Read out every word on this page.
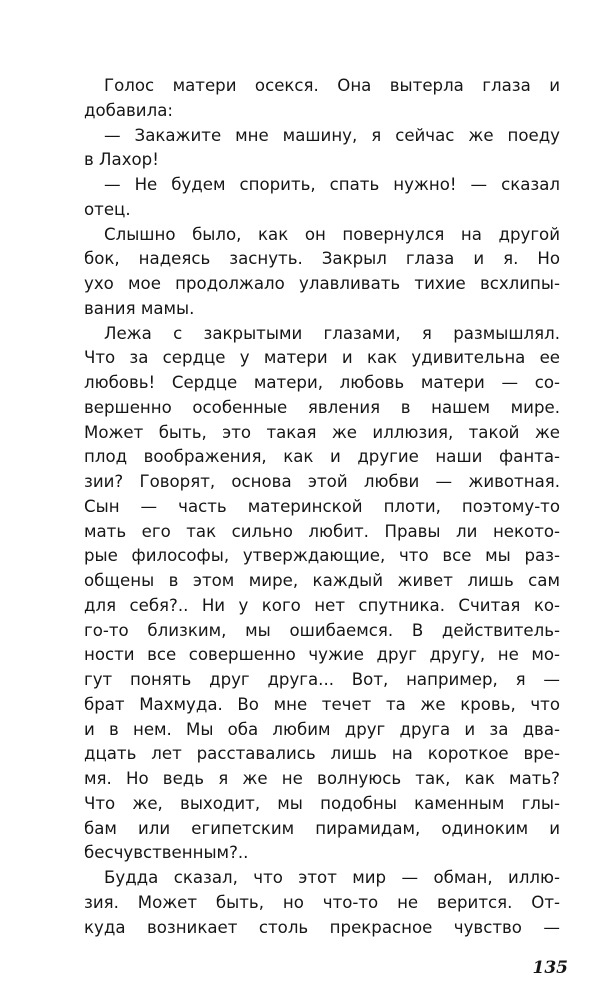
Голос матери осекся. Она вытерла глаза и
добавила:
— Закажите мне машину, я сейчас же поеду
в Лахор!
— Не будем спорить, спать нужно! — сказал
отец.
Слышно было, как он повернулся на другой
бок, надеясь заснуть. Закрыл глаза и я. Но
ухо мое продолжало улавливать тихие всхлипы-
вания мамы.
Лежа с закрытыми глазами, я размышлял.
Что за сердце у матери и как удивительна ее
любовь! Сердце матери, любовь матери — со-
вершенно особенные явления в нашем мире.
Может быть, это такая же иллюзия, такой же
плод воображения, как и другие наши фанта-
зии? Говорят, основа этой любви — животная.
Сын — часть материнской плоти, поэтому-то
мать его так сильно любит. Правы ли некото-
рые философы, утверждающие, что все мы раз-
общены в этом мире, каждый живет лишь сам
для себя?.. Ни у кого нет спутника. Считая ко-
го-то близким, мы ошибаемся. В действитель-
ности все совершенно чужие друг другу, не мо-
гут понять друг друга... Вот, например, я —
брат Махмуда. Во мне течет та же кровь, что
и в нем. Мы оба любим друг друга и за два-
дцать лет расставались лишь на короткое вре-
мя. Но ведь я же не волнуюсь так, как мать?
Что же, выходит, мы подобны каменным глы-
бам или египетским пирамидам, одиноким и
бесчувственным?..
Будда сказал, что этот мир — обман, иллю-
зия. Может быть, но что-то не верится. От-
куда возникает столь прекрасное чувство —
135
